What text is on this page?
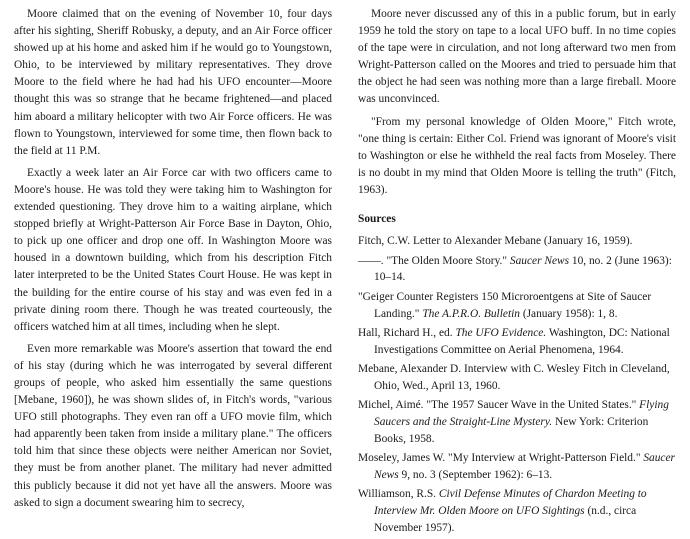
Moore claimed that on the evening of November 10, four days after his sighting, Sheriff Robusky, a deputy, and an Air Force officer showed up at his home and asked him if he would go to Youngstown, Ohio, to be interviewed by military representatives. They drove Moore to the field where he had had his UFO encounter—Moore thought this was so strange that he became frightened—and placed him aboard a military helicopter with two Air Force officers. He was flown to Youngstown, interviewed for some time, then flown back to the field at 11 P.M.

Exactly a week later an Air Force car with two officers came to Moore's house. He was told they were taking him to Washington for extended questioning. They drove him to a waiting airplane, which stopped briefly at Wright-Patterson Air Force Base in Dayton, Ohio, to pick up one officer and drop one off. In Washington Moore was housed in a downtown building, which from his description Fitch later interpreted to be the United States Court House. He was kept in the building for the entire course of his stay and was even fed in a private dining room there. Though he was treated courteously, the officers watched him at all times, including when he slept.

Even more remarkable was Moore's assertion that toward the end of his stay (during which he was interrogated by several different groups of people, who asked him essentially the same questions [Mebane, 1960]), he was shown slides of, in Fitch's words, "various UFO still photographs. They even ran off a UFO movie film, which had apparently been taken from inside a military plane." The officers told him that since these objects were neither American nor Soviet, they must be from another planet. The military had never admitted this publicly because it did not yet have all the answers. Moore was asked to sign a document swearing him to secrecy,

Moore never discussed any of this in a public forum, but in early 1959 he told the story on tape to a local UFO buff. In no time copies of the tape were in circulation, and not long afterward two men from Wright-Patterson called on the Moores and tried to persuade him that the object he had seen was nothing more than a large fireball. Moore was unconvinced.

"From my personal knowledge of Olden Moore," Fitch wrote, "one thing is certain: Either Col. Friend was ignorant of Moore's visit to Washington or else he withheld the real facts from Moseley. There is no doubt in my mind that Olden Moore is telling the truth" (Fitch, 1963).

Sources
Fitch, C.W. Letter to Alexander Mebane (January 16, 1959).
——. "The Olden Moore Story." Saucer News 10, no. 2 (June 1963): 10–14.
"Geiger Counter Registers 150 Microroentgens at Site of Saucer Landing." The A.P.R.O. Bulletin (January 1958): 1, 8.
Hall, Richard H., ed. The UFO Evidence. Washington, DC: National Investigations Committee on Aerial Phenomena, 1964.
Mebane, Alexander D. Interview with C. Wesley Fitch in Cleveland, Ohio, Wed., April 13, 1960.
Michel, Aimé. "The 1957 Saucer Wave in the United States." Flying Saucers and the Straight-Line Mystery. New York: Criterion Books, 1958.
Moseley, James W. "My Interview at Wright-Patterson Field." Saucer News 9, no. 3 (September 1962): 6–13.
Williamson, R.S. Civil Defense Minutes of Chardon Meeting to Interview Mr. Olden Moore on UFO Sightings (n.d., circa November 1957).
